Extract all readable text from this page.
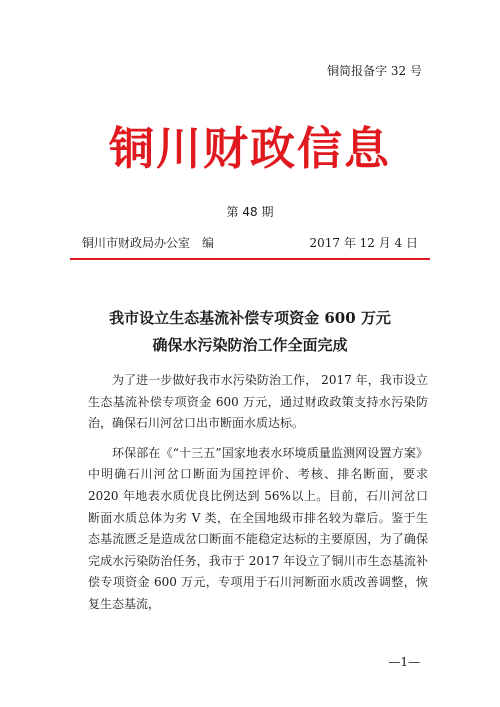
铜简报备字 32 号
铜川财政信息
第 48 期
铜川市财政局办公室　编	2017 年 12 月 4 日
我市设立生态基流补偿专项资金 600 万元
确保水污染防治工作全面完成

为了进一步做好我市水污染防治工作， 2017 年，我市设立生态基流补偿专项资金 600 万元，通过财政政策支持水污染防治，确保石川河岔口出市断面水质达标。

环保部在《“十三五”国家地表水环境质量监测网设置方案》中明确石川河岔口断面为国控评价、考核、排名断面，要求 2020 年地表水质优良比例达到 56%以上。目前，石川河岔口断面水质总体为劣 V 类，在全国地级市排名较为靠后。鉴于生态基流匮乏是造成岔口断面不能稳定达标的主要原因，为了确保完成水污染防治任务，我市于 2017 年设立了铜川市生态基流补偿专项资金 600 万元，专项用于石川河断面水质改善调整，恢复生态基流，

—1—
